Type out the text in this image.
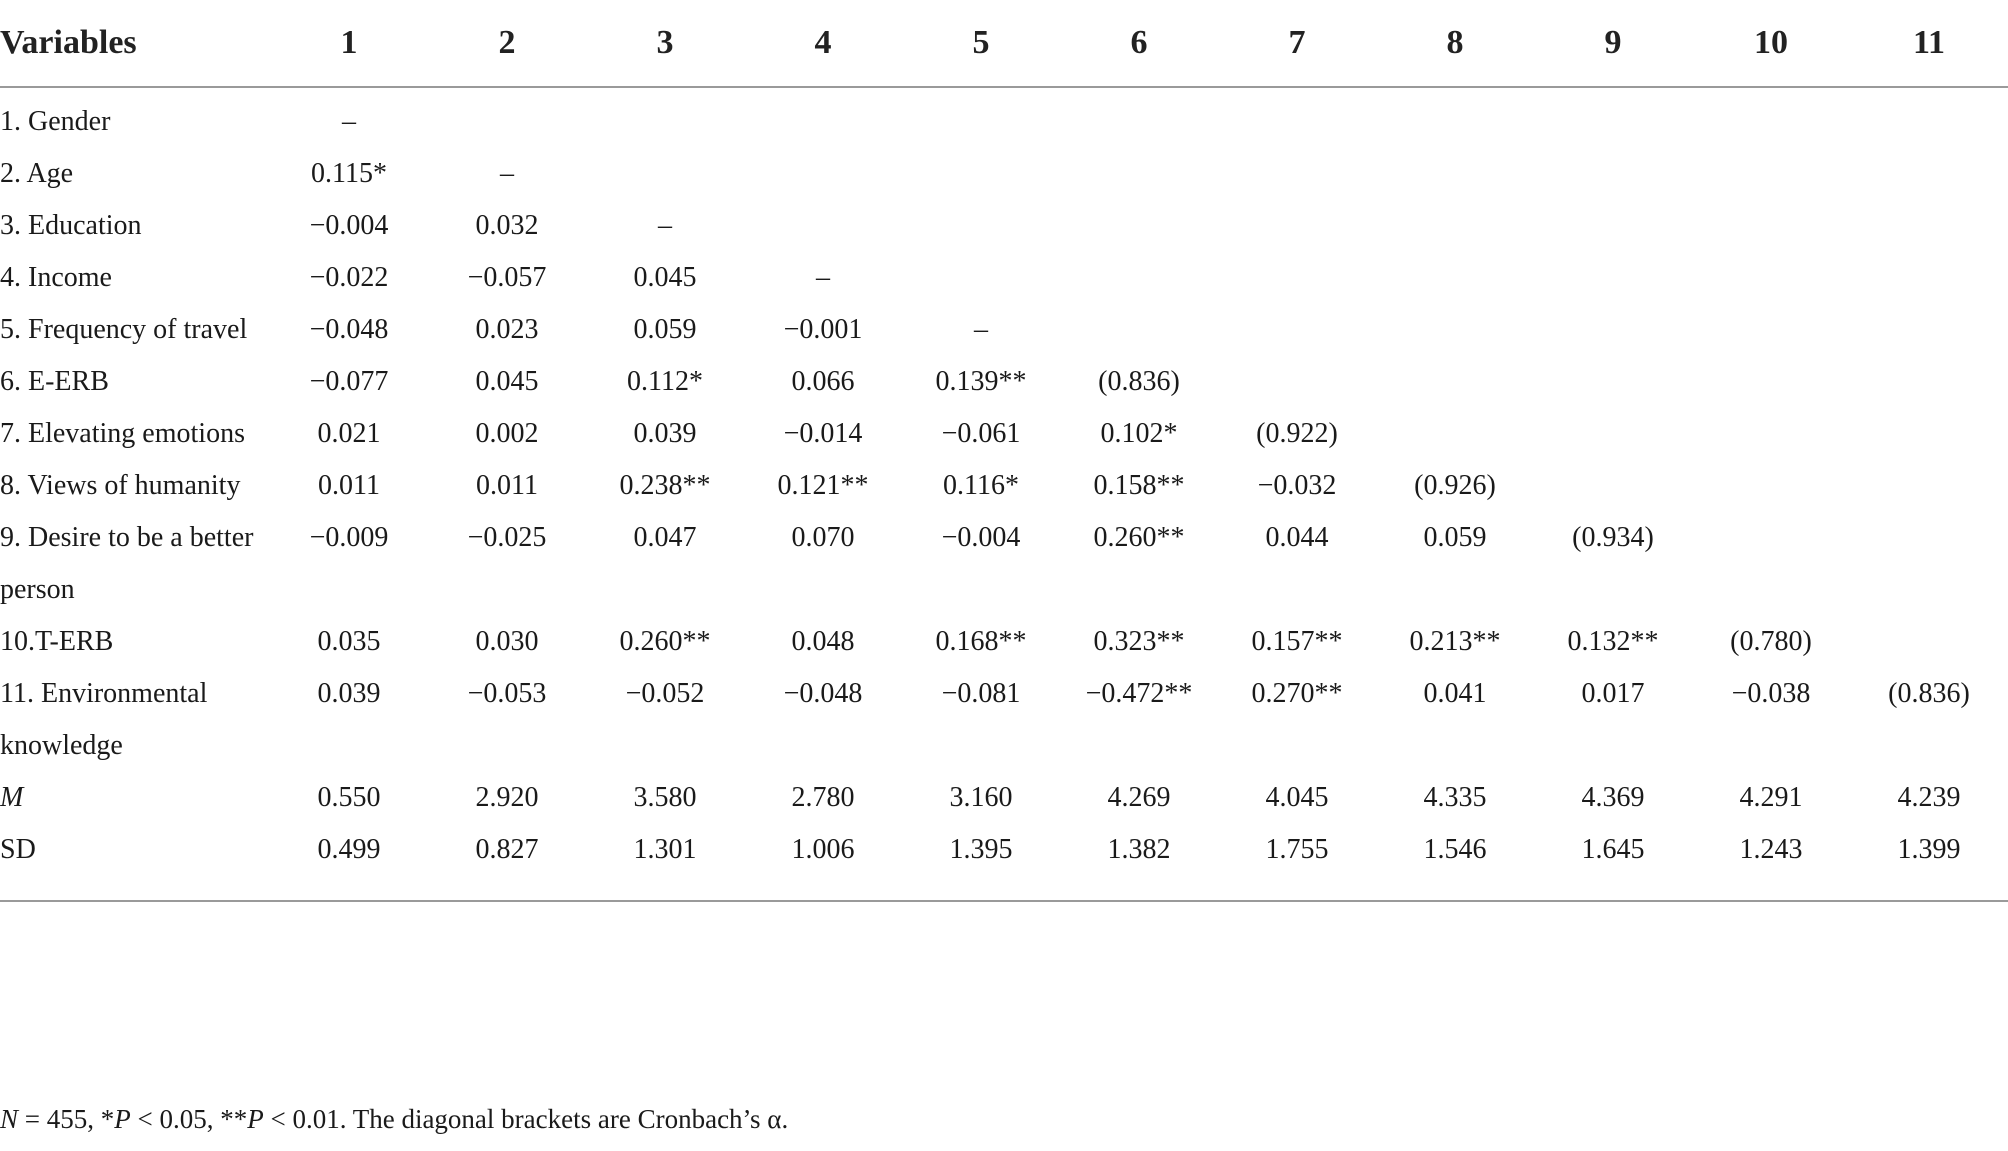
Variables	1	2	3	4	5	6	7	8	9	10	11
1. Gender	–										
2. Age	0.115*	–									
3. Education	−0.004	0.032	–								
4. Income	−0.022	−0.057	0.045	–							
5. Frequency of travel	−0.048	0.023	0.059	−0.001	–						
6. E-ERB	−0.077	0.045	0.112*	0.066	0.139**	(0.836)					
7. Elevating emotions	0.021	0.002	0.039	−0.014	−0.061	0.102*	(0.922)				
8. Views of humanity	0.011	0.011	0.238**	0.121**	0.116*	0.158**	−0.032	(0.926)			
9. Desire to be a better person	−0.009	−0.025	0.047	0.070	−0.004	0.260**	0.044	0.059	(0.934)		
10.T-ERB	0.035	0.030	0.260**	0.048	0.168**	0.323**	0.157**	0.213**	0.132**	(0.780)	
11. Environmental knowledge	0.039	−0.053	−0.052	−0.048	−0.081	−0.472**	0.270**	0.041	0.017	−0.038	(0.836)
M	0.550	2.920	3.580	2.780	3.160	4.269	4.045	4.335	4.369	4.291	4.239
SD	0.499	0.827	1.301	1.006	1.395	1.382	1.755	1.546	1.645	1.243	1.399
N = 455, *P < 0.05, **P < 0.01. The diagonal brackets are Cronbach’s α.
